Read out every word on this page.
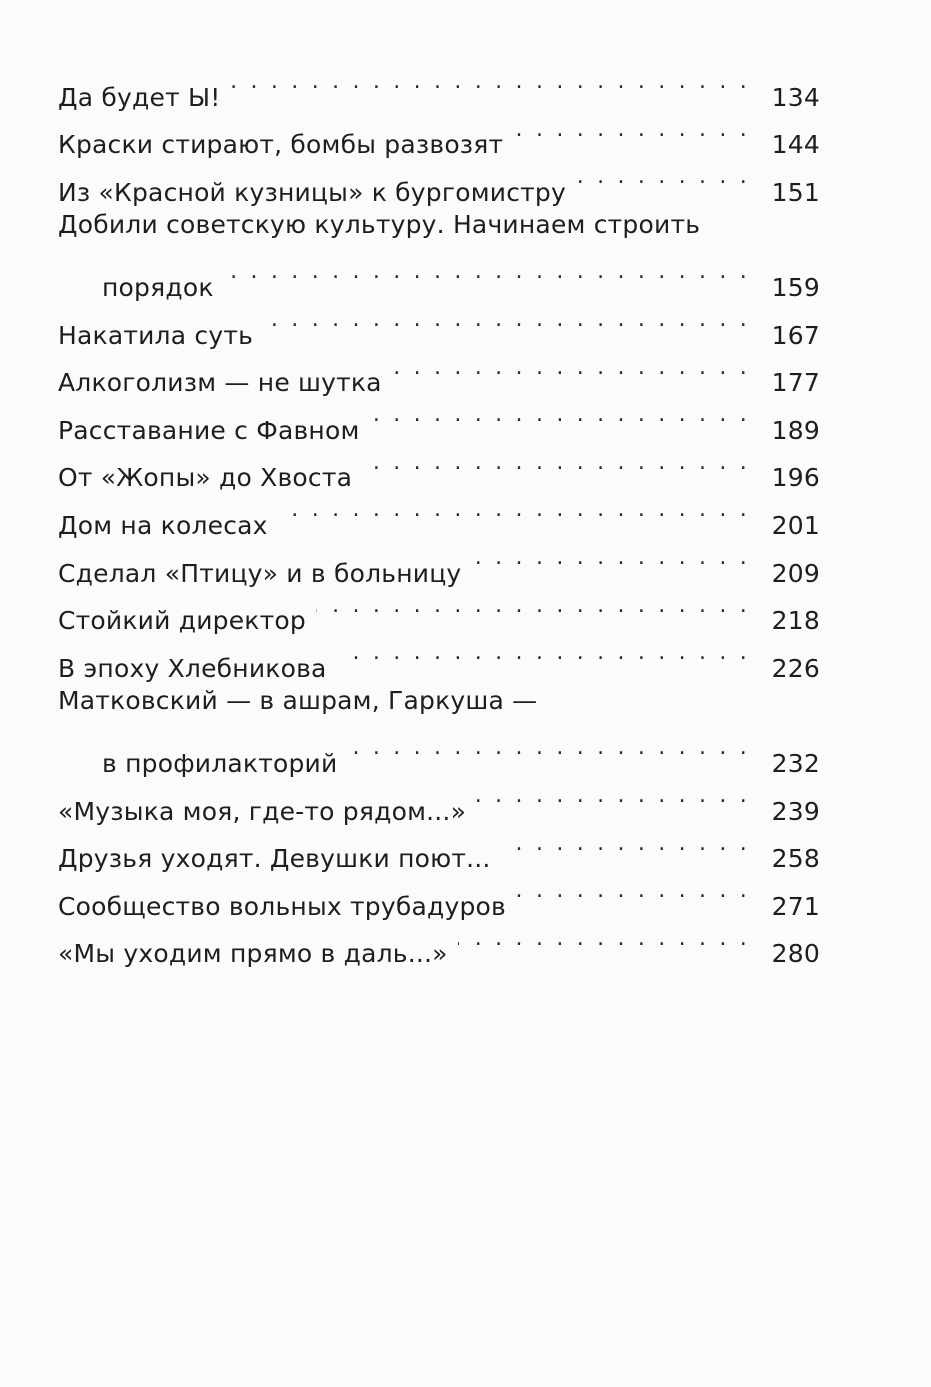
Да будет Ы! . . .	134
Краски стирают, бомбы развозят . . .	144
Из «Красной кузницы» к бургомистру . . .	151
Добили советскую культуру. Начинаем строить
порядок . . .	159
Накатила суть . . .	167
Алкоголизм — не шутка . . .	177
Расставание с Фавном . . .	189
От «Жопы» до Хвоста . . .	196
Дом на колесах . . .	201
Сделал «Птицу» и в больницу . . .	209
Стойкий директор . . .	218
В эпоху Хлебникова . . .	226
Матковский — в ашрам, Гаркуша —
в профилакторий . . .	232
«Музыка моя, где-то рядом...» . . .	239
Друзья уходят. Девушки поют... . . .	258
Сообщество вольных трубадуров . . .	271
«Мы уходим прямо в даль...» . . .	280
